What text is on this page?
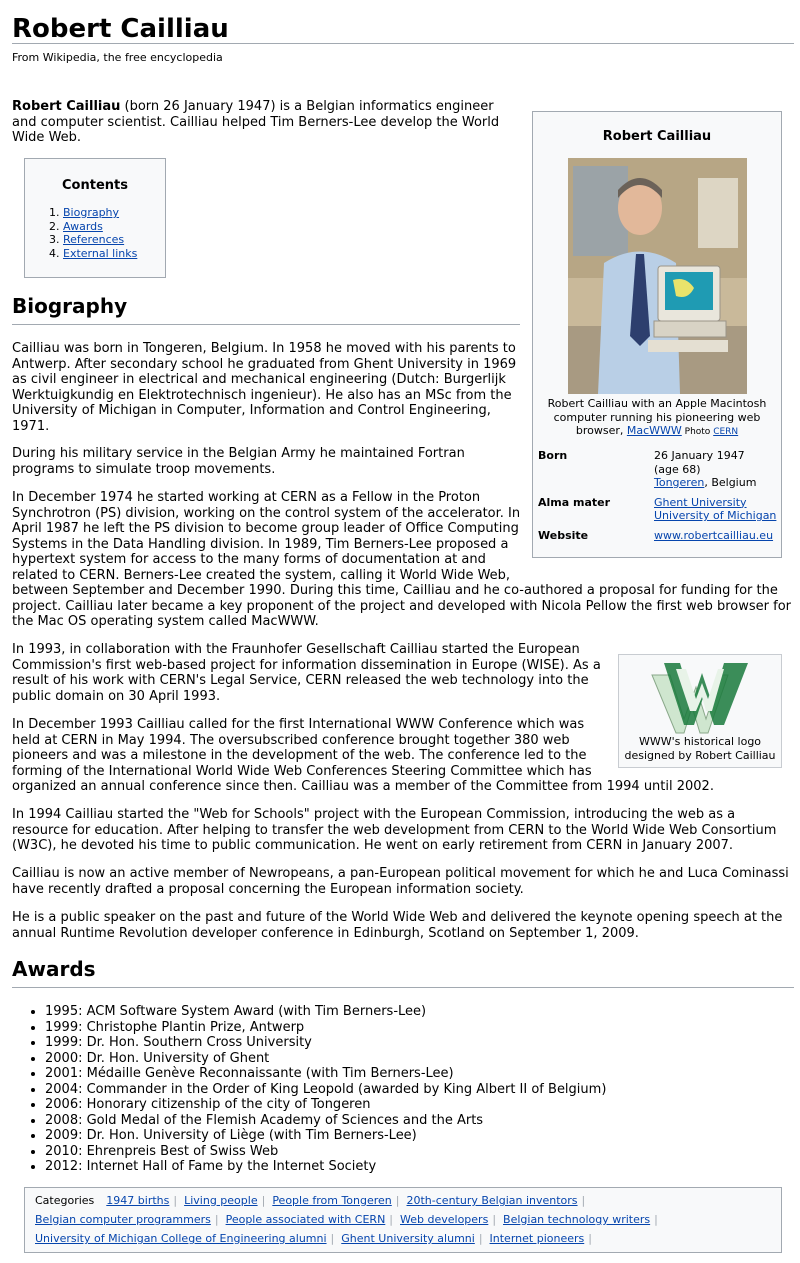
Robert Cailliau
From Wikipedia, the free encyclopedia

Robert Cailliau (born 26 January 1947) is a Belgian informatics engineer and computer scientist. Cailliau helped Tim Berners-Lee develop the World Wide Web.

Contents
1. Biography
2. Awards
3. References
4. External links
Robert Cailliau
Robert Cailliau with an Apple Macintosh computer running his pioneering web browser, MacWWW Photo CERN
Born	26 January 1947
(age 68)
Tongeren, Belgium
Alma mater	Ghent University
University of Michigan
Website	www.robertcailliau.eu
Biography

Cailliau was born in Tongeren, Belgium. In 1958 he moved with his parents to Antwerp. After secondary school he graduated from Ghent University in 1969 as civil engineer in electrical and mechanical engineering (Dutch: Burgerlijk Werktuigkundig en Elektrotechnisch ingenieur). He also has an MSc from the University of Michigan in Computer, Information and Control Engineering, 1971.

During his military service in the Belgian Army he maintained Fortran programs to simulate troop movements.

In December 1974 he started working at CERN as a Fellow in the Proton Synchrotron (PS) division, working on the control system of the accelerator. In April 1987 he left the PS division to become group leader of Office Computing Systems in the Data Handling division. In 1989, Tim Berners-Lee proposed a hypertext system for access to the many forms of documentation at and related to CERN. Berners-Lee created the system, calling it World Wide Web, between September and December 1990. During this time, Cailliau and he co-authored a proposal for funding for the project. Cailliau later became a key proponent of the project and developed with Nicola Pellow the first web browser for the Mac OS operating system called MacWWW.

In 1993, in collaboration with the Fraunhofer Gesellschaft Cailliau started the European Commission's first web-based project for information dissemination in Europe (WISE). As a result of his work with CERN's Legal Service, CERN released the web technology into the public domain on 30 April 1993.

In December 1993 Cailliau called for the first International WWW Conference which was held at CERN in May 1994. The oversubscribed conference brought together 380 web pioneers and was a milestone in the development of the web. The conference led to the forming of the International World Wide Web Conferences Steering Committee which has organized an annual conference since then. Cailliau was a member of the Committee from 1994 until 2002.

In 1994 Cailliau started the "Web for Schools" project with the European Commission, introducing the web as a resource for education. After helping to transfer the web development from CERN to the World Wide Web Consortium (W3C), he devoted his time to public communication. He went on early retirement from CERN in January 2007.

Cailliau is now an active member of Newropeans, a pan-European political movement for which he and Luca Cominassi have recently drafted a proposal concerning the European information society.

He is a public speaker on the past and future of the World Wide Web and delivered the keynote opening speech at the annual Runtime Revolution developer conference in Edinburgh, Scotland on September 1, 2009.

WWW's historical logo designed by Robert Cailliau
Awards
• 1995: ACM Software System Award (with Tim Berners-Lee)
• 1999: Christophe Plantin Prize, Antwerp
• 1999: Dr. Hon. Southern Cross University
• 2000: Dr. Hon. University of Ghent
• 2001: Médaille Genève Reconnaissante (with Tim Berners-Lee)
• 2004: Commander in the Order of King Leopold (awarded by King Albert II of Belgium)
• 2006: Honorary citizenship of the city of Tongeren
• 2008: Gold Medal of the Flemish Academy of Sciences and the Arts
• 2009: Dr. Hon. University of Liège (with Tim Berners-Lee)
• 2010: Ehrenpreis Best of Swiss Web
• 2012: Internet Hall of Fame by the Internet Society
Categories 1947 births | Living people | People from Tongeren | 20th-century Belgian inventors |
Belgian computer programmers | People associated with CERN | Web developers | Belgian technology writers |
University of Michigan College of Engineering alumni | Ghent University alumni | Internet pioneers |
